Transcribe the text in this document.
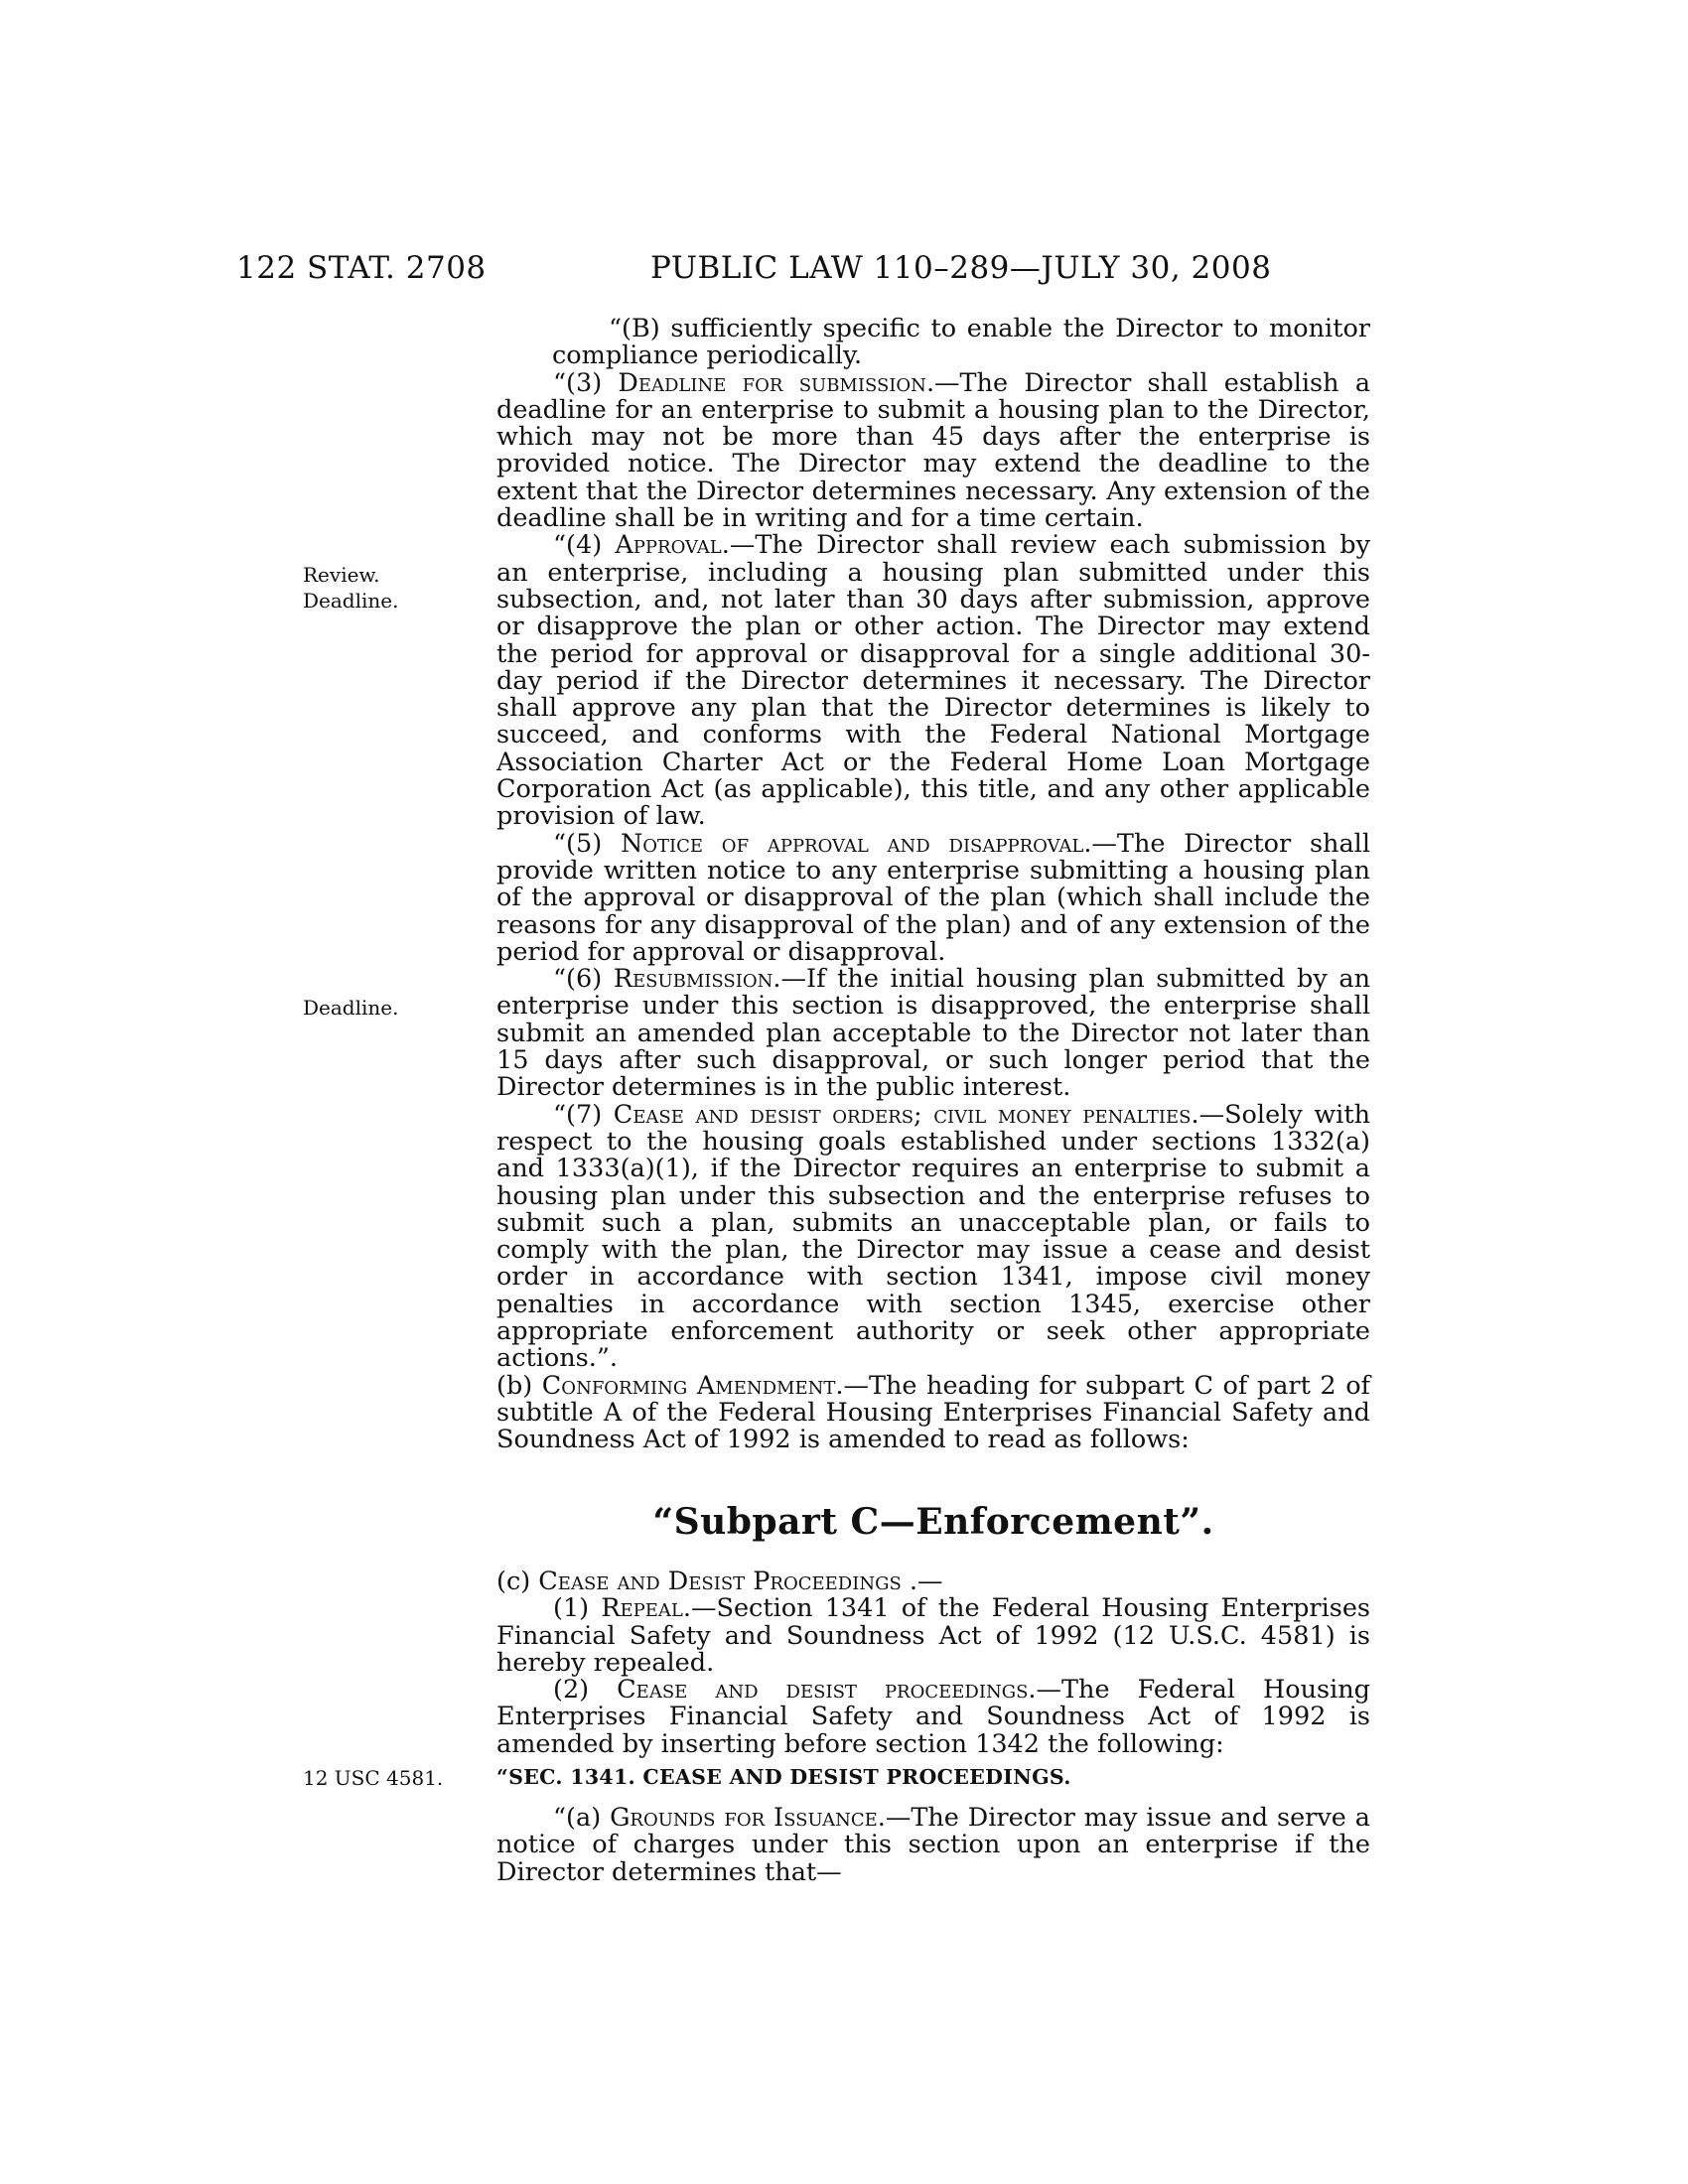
122 STAT. 2708	PUBLIC LAW 110–289—JULY 30, 2008
Review.
Deadline.
Deadline.
12 USC 4581.

“(B) sufficiently specific to enable the Director to monitor compliance periodically.

“(3) Deadline for submission.—The Director shall establish a deadline for an enterprise to submit a housing plan to the Director, which may not be more than 45 days after the enterprise is provided notice. The Director may extend the deadline to the extent that the Director determines necessary. Any extension of the deadline shall be in writing and for a time certain.

“(4) Approval.—The Director shall review each submission by an enterprise, including a housing plan submitted under this subsection, and, not later than 30 days after submission, approve or disapprove the plan or other action. The Director may extend the period for approval or disapproval for a single additional 30-day period if the Director determines it necessary. The Director shall approve any plan that the Director determines is likely to succeed, and conforms with the Federal National Mortgage Association Charter Act or the Federal Home Loan Mortgage Corporation Act (as applicable), this title, and any other applicable provision of law.

“(5) Notice of approval and disapproval.—The Director shall provide written notice to any enterprise submitting a housing plan of the approval or disapproval of the plan (which shall include the reasons for any disapproval of the plan) and of any extension of the period for approval or disapproval.

“(6) Resubmission.—If the initial housing plan submitted by an enterprise under this section is disapproved, the enterprise shall submit an amended plan acceptable to the Director not later than 15 days after such disapproval, or such longer period that the Director determines is in the public interest.

“(7) Cease and desist orders; civil money penalties.—Solely with respect to the housing goals established under sections 1332(a) and 1333(a)(1), if the Director requires an enterprise to submit a housing plan under this subsection and the enterprise refuses to submit such a plan, submits an unacceptable plan, or fails to comply with the plan, the Director may issue a cease and desist order in accordance with section 1341, impose civil money penalties in accordance with section 1345, exercise other appropriate enforcement authority or seek other appropriate actions.”.

(b) Conforming Amendment.—The heading for subpart C of part 2 of subtitle A of the Federal Housing Enterprises Financial Safety and Soundness Act of 1992 is amended to read as follows:

“Subpart C—Enforcement”.

(c) Cease and Desist Proceedings .—

(1) Repeal.—Section 1341 of the Federal Housing Enterprises Financial Safety and Soundness Act of 1992 (12 U.S.C. 4581) is hereby repealed.

(2) Cease and desist proceedings.—The Federal Housing Enterprises Financial Safety and Soundness Act of 1992 is amended by inserting before section 1342 the following:

“SEC. 1341. CEASE AND DESIST PROCEEDINGS.

“(a) Grounds for Issuance.—The Director may issue and serve a notice of charges under this section upon an enterprise if the Director determines that—
